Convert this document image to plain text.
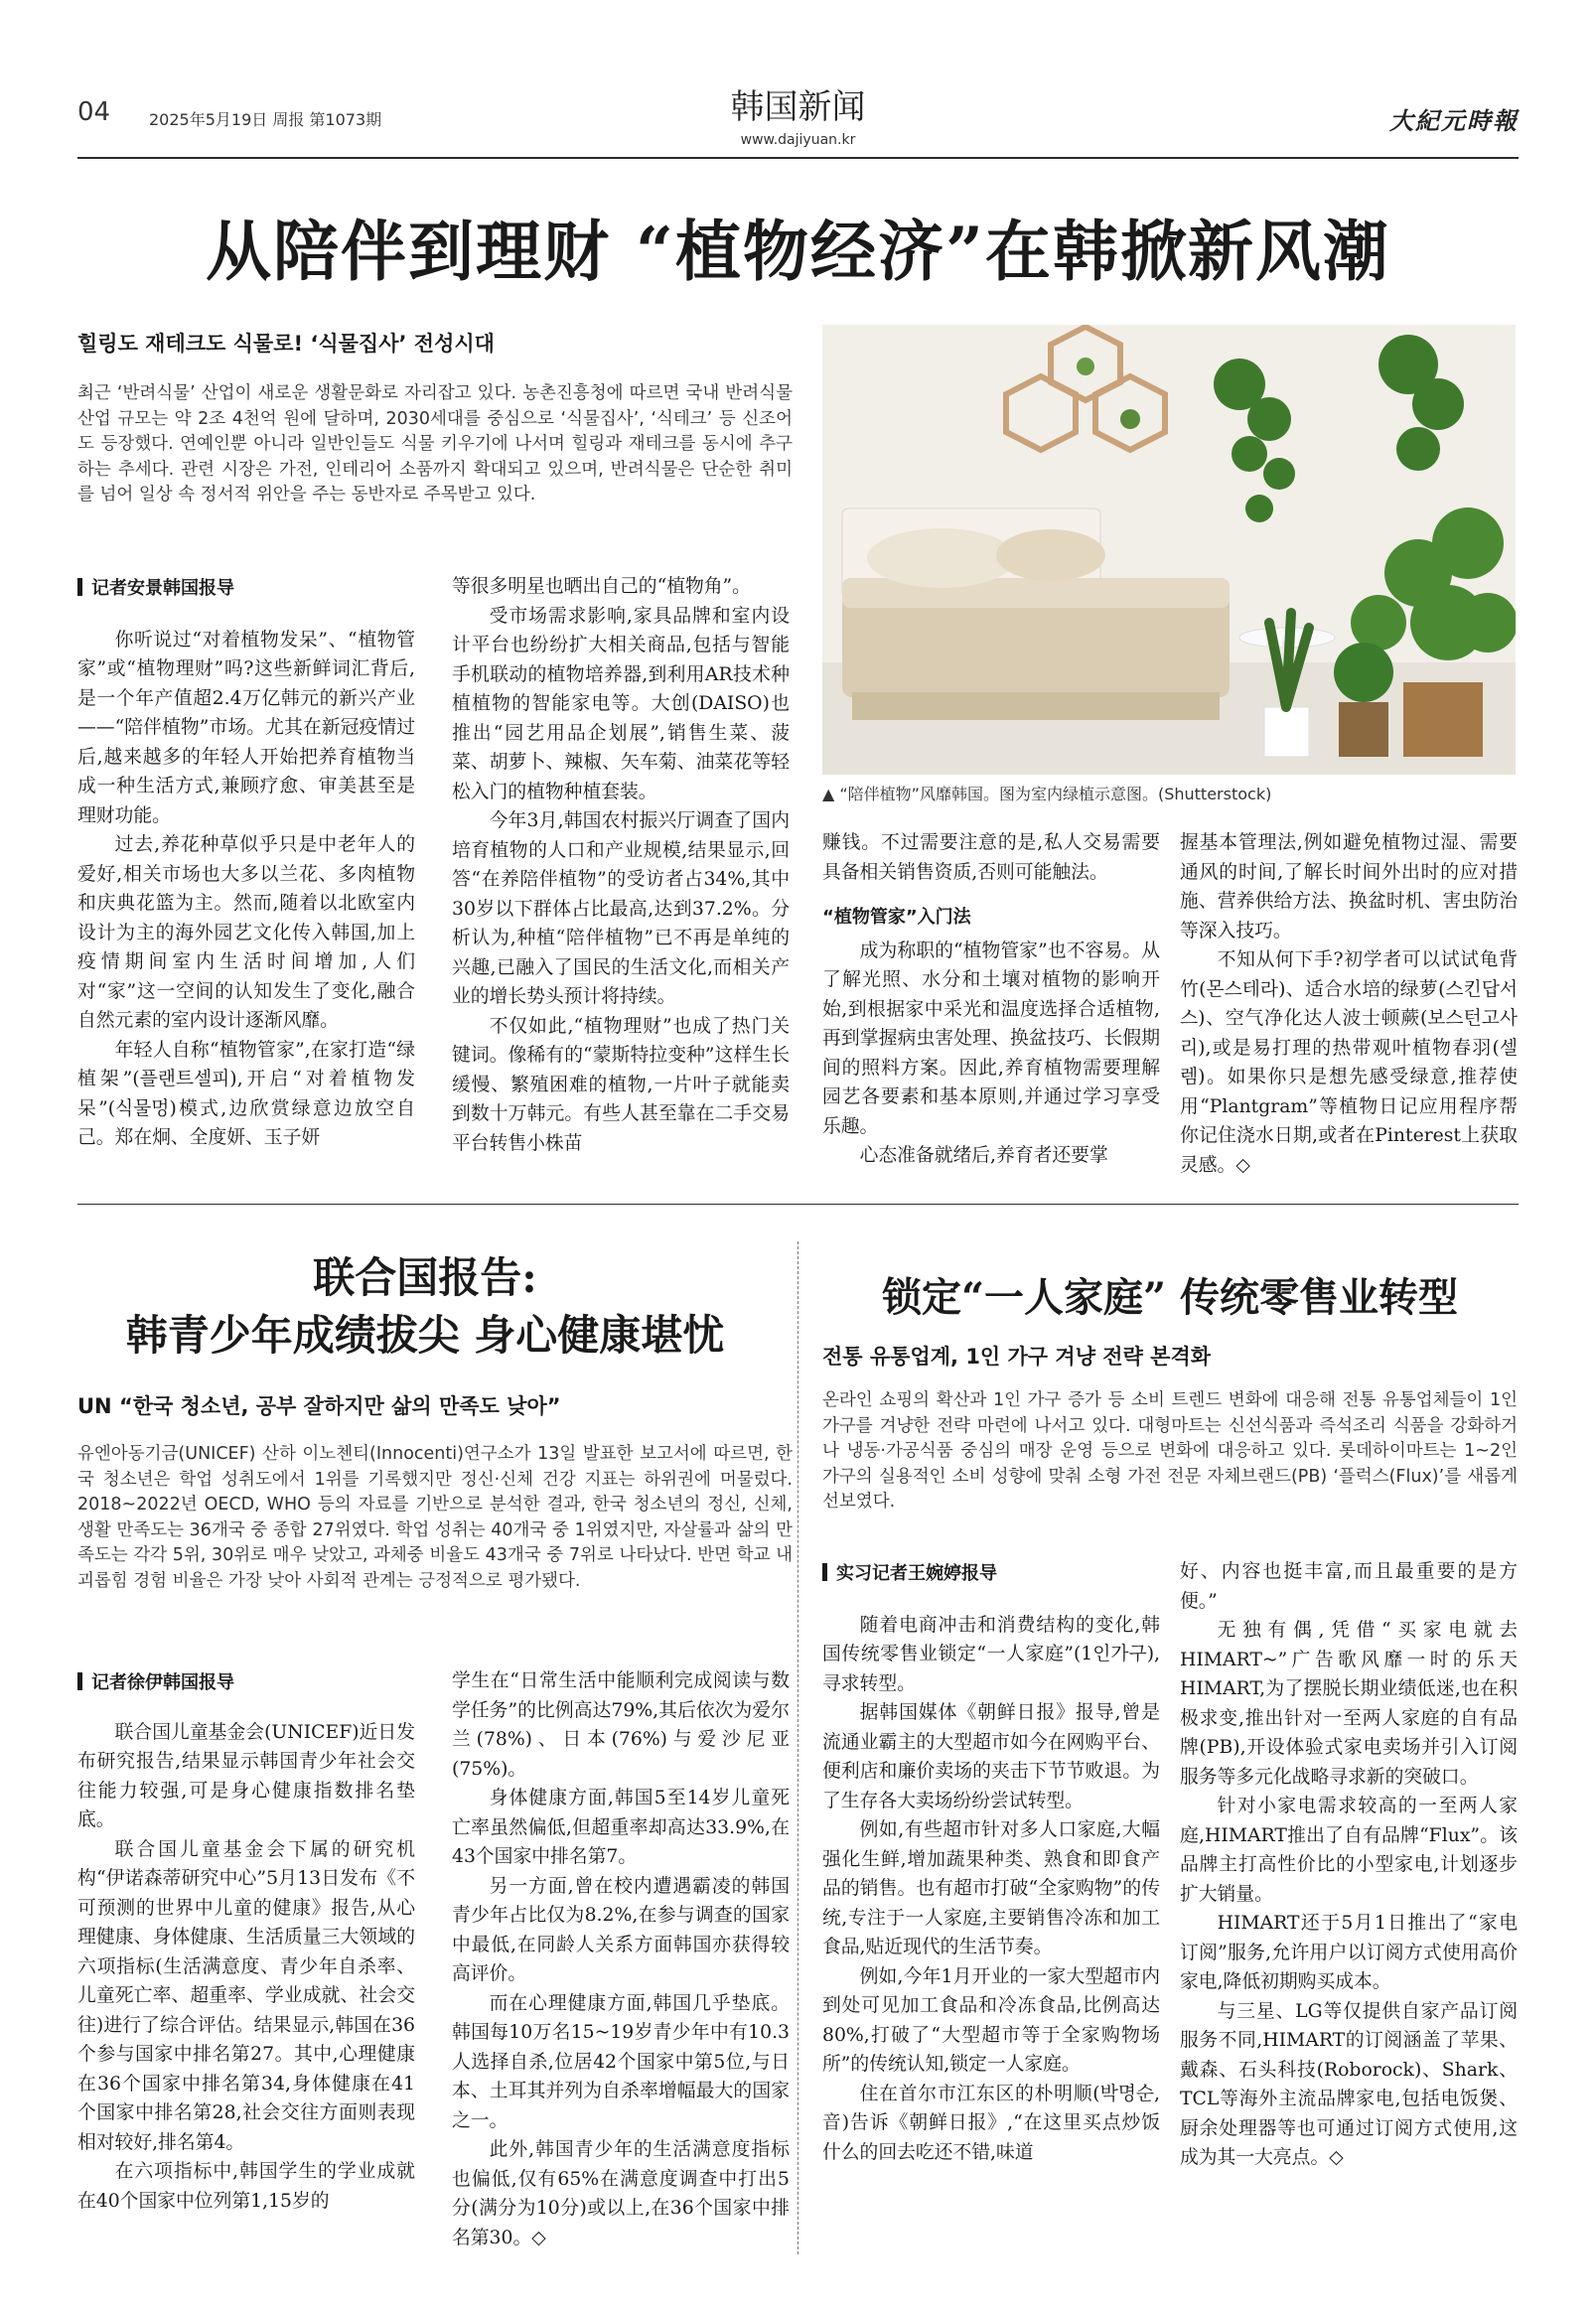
04 2025年5月19日 周报 第1073期	韩国新闻
www.dajiyuan.kr
大紀元時報
从陪伴到理财 “植物经济”在韩掀新风潮
힐링도 재테크도 식물로! ‘식물집사’ 전성시대
최근 ‘반려식물’ 산업이 새로운 생활문화로 자리잡고 있다. 농촌진흥청에 따르면 국내 반려식물 산업 규모는 약 2조 4천억 원에 달하며, 2030세대를 중심으로 ‘식물집사’, ‘식테크’ 등 신조어도 등장했다. 연예인뿐 아니라 일반인들도 식물 키우기에 나서며 힐링과 재테크를 동시에 추구하는 추세다. 관련 시장은 가전, 인테리어 소품까지 확대되고 있으며, 반려식물은 단순한 취미를 넘어 일상 속 정서적 위안을 주는 동반자로 주목받고 있다.
记者安景韩国报导

你听说过“对着植物发呆”、“植物管家”或“植物理财”吗?这些新鲜词汇背后,是一个年产值超2.4万亿韩元的新兴产业——“陪伴植物”市场。尤其在新冠疫情过后,越来越多的年轻人开始把养育植物当成一种生活方式,兼顾疗愈、审美甚至是理财功能。

过去,养花种草似乎只是中老年人的爱好,相关市场也大多以兰花、多肉植物和庆典花篮为主。然而,随着以北欧室内设计为主的海外园艺文化传入韩国,加上疫情期间室内生活时间增加,人们对“家”这一空间的认知发生了变化,融合自然元素的室内设计逐渐风靡。

年轻人自称“植物管家”,在家打造“绿植架”(플랜트셀피),开启“对着植物发呆”(식물멍)模式,边欣赏绿意边放空自己。郑在炯、全度妍、玉子妍

等很多明星也晒出自己的“植物角”。

受市场需求影响,家具品牌和室内设计平台也纷纷扩大相关商品,包括与智能手机联动的植物培养器,到利用AR技术种植植物的智能家电等。大创(DAISO)也推出“园艺用品企划展”,销售生菜、菠菜、胡萝卜、辣椒、矢车菊、油菜花等轻松入门的植物种植套装。

今年3月,韩国农村振兴厅调查了国内培育植物的人口和产业规模,结果显示,回答“在养陪伴植物”的受访者占34%,其中30岁以下群体占比最高,达到37.2%。分析认为,种植“陪伴植物”已不再是单纯的兴趣,已融入了国民的生活文化,而相关产业的增长势头预计将持续。

不仅如此,“植物理财”也成了热门关键词。像稀有的“蒙斯特拉变种”这样生长缓慢、繁殖困难的植物,一片叶子就能卖到数十万韩元。有些人甚至靠在二手交易平台转售小株苗

▲ “陪伴植物”风靡韩国。图为室内绿植示意图。(Shutterstock)

赚钱。不过需要注意的是,私人交易需要具备相关销售资质,否则可能触法。

“植物管家”入门法

成为称职的“植物管家”也不容易。从了解光照、水分和土壤对植物的影响开始,到根据家中采光和温度选择合适植物,再到掌握病虫害处理、换盆技巧、长假期间的照料方案。因此,养育植物需要理解园艺各要素和基本原则,并通过学习享受乐趣。

心态准备就绪后,养育者还要掌

握基本管理法,例如避免植物过湿、需要通风的时间,了解长时间外出时的应对措施、营养供给方法、换盆时机、害虫防治等深入技巧。

不知从何下手?初学者可以试试龟背竹(몬스테라)、适合水培的绿萝(스킨답서스)、空气净化达人波士顿蕨(보스턴고사리),或是易打理的热带观叶植物春羽(셀렘)。如果你只是想先感受绿意,推荐使用“Plantgram”等植物日记应用程序帮你记住浇水日期,或者在Pinterest上获取灵感。◇

联合国报告:
韩青少年成绩拔尖 身心健康堪忧
UN “한국 청소년, 공부 잘하지만 삶의 만족도 낮아”
유엔아동기금(UNICEF) 산하 이노첸티(Innocenti)연구소가 13일 발표한 보고서에 따르면, 한국 청소년은 학업 성취도에서 1위를 기록했지만 정신·신체 건강 지표는 하위권에 머물렀다. 2018~2022년 OECD, WHO 등의 자료를 기반으로 분석한 결과, 한국 청소년의 정신, 신체, 생활 만족도는 36개국 중 종합 27위였다. 학업 성취는 40개국 중 1위였지만, 자살률과 삶의 만족도는 각각 5위, 30위로 매우 낮았고, 과체중 비율도 43개국 중 7위로 나타났다. 반면 학교 내 괴롭힘 경험 비율은 가장 낮아 사회적 관계는 긍정적으로 평가됐다.
记者徐伊韩国报导

联合国儿童基金会(UNICEF)近日发布研究报告,结果显示韩国青少年社会交往能力较强,可是身心健康指数排名垫底。

联合国儿童基金会下属的研究机构“伊诺森蒂研究中心”5月13日发布《不可预测的世界中儿童的健康》报告,从心理健康、身体健康、生活质量三大领域的六项指标(生活满意度、青少年自杀率、儿童死亡率、超重率、学业成就、社会交往)进行了综合评估。结果显示,韩国在36个参与国家中排名第27。其中,心理健康在36个国家中排名第34,身体健康在41个国家中排名第28,社会交往方面则表现相对较好,排名第4。

在六项指标中,韩国学生的学业成就在40个国家中位列第1,15岁的

学生在“日常生活中能顺利完成阅读与数学任务”的比例高达79%,其后依次为爱尔兰(78%)、日本(76%)与爱沙尼亚(75%)。

身体健康方面,韩国5至14岁儿童死亡率虽然偏低,但超重率却高达33.9%,在43个国家中排名第7。

另一方面,曾在校内遭遇霸凌的韩国青少年占比仅为8.2%,在参与调查的国家中最低,在同龄人关系方面韩国亦获得较高评价。

而在心理健康方面,韩国几乎垫底。韩国每10万名15~19岁青少年中有10.3人选择自杀,位居42个国家中第5位,与日本、土耳其并列为自杀率增幅最大的国家之一。

此外,韩国青少年的生活满意度指标也偏低,仅有65%在满意度调查中打出5分(满分为10分)或以上,在36个国家中排名第30。◇

锁定“一人家庭” 传统零售业转型
전통 유통업계, 1인 가구 겨냥 전략 본격화
온라인 쇼핑의 확산과 1인 가구 증가 등 소비 트렌드 변화에 대응해 전통 유통업체들이 1인 가구를 겨냥한 전략 마련에 나서고 있다. 대형마트는 신선식품과 즉석조리 식품을 강화하거나 냉동·가공식품 중심의 매장 운영 등으로 변화에 대응하고 있다. 롯데하이마트는 1~2인 가구의 실용적인 소비 성향에 맞춰 소형 가전 전문 자체브랜드(PB) ‘플럭스(Flux)’를 새롭게 선보였다.
实习记者王婉婷报导

随着电商冲击和消费结构的变化,韩国传统零售业锁定“一人家庭”(1인가구),寻求转型。

据韩国媒体《朝鲜日报》报导,曾是流通业霸主的大型超市如今在网购平台、便利店和廉价卖场的夹击下节节败退。为了生存各大卖场纷纷尝试转型。

例如,有些超市针对多人口家庭,大幅强化生鲜,增加蔬果种类、熟食和即食产品的销售。也有超市打破“全家购物”的传统,专注于一人家庭,主要销售冷冻和加工食品,贴近现代的生活节奏。

例如,今年1月开业的一家大型超市内到处可见加工食品和冷冻食品,比例高达80%,打破了“大型超市等于全家购物场所”的传统认知,锁定一人家庭。

住在首尔市江东区的朴明顺(박명순,音)告诉《朝鲜日报》,“在这里买点炒饭什么的回去吃还不错,味道

好、内容也挺丰富,而且最重要的是方便。”

无独有偶,凭借“买家电就去HIMART~”广告歌风靡一时的乐天HIMART,为了摆脱长期业绩低迷,也在积极求变,推出针对一至两人家庭的自有品牌(PB),开设体验式家电卖场并引入订阅服务等多元化战略寻求新的突破口。

针对小家电需求较高的一至两人家庭,HIMART推出了自有品牌“Flux”。该品牌主打高性价比的小型家电,计划逐步扩大销量。

HIMART还于5月1日推出了“家电订阅”服务,允许用户以订阅方式使用高价家电,降低初期购买成本。

与三星、LG等仅提供自家产品订阅服务不同,HIMART的订阅涵盖了苹果、戴森、石头科技(Roborock)、Shark、TCL等海外主流品牌家电,包括电饭煲、厨余处理器等也可通过订阅方式使用,这成为其一大亮点。◇
